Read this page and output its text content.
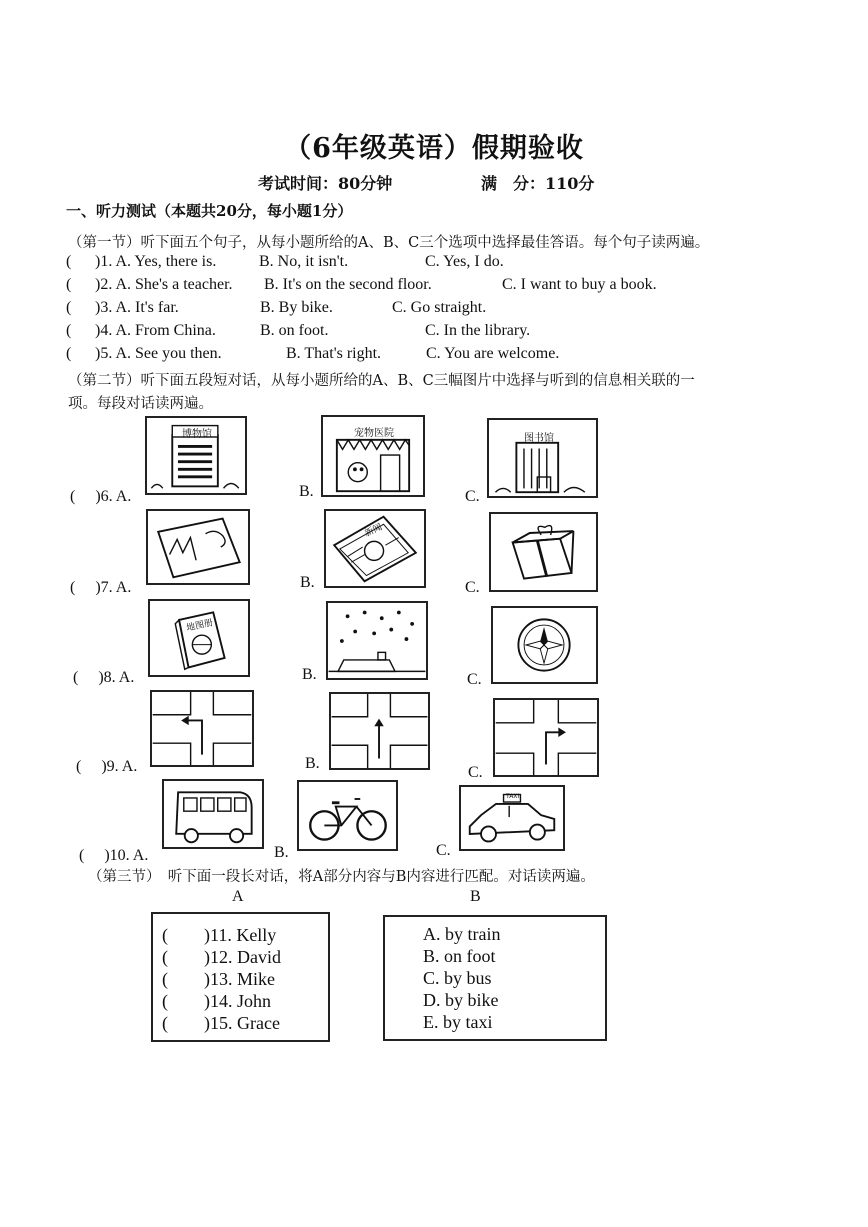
（6年级英语）假期验收
考试时间：80分钟	满　分：110分
一、听力测试（本题共20分，每小题1分）
（第一节）听下面五个句子，从每小题所给的A、B、C三个选项中选择最佳答语。每个句子读两遍。
( )1. A. Yes, there is.	B. No, it isn't.	C. Yes, I do.
( )2. A. She's a teacher. B. It's on the second floor.	C. I want to buy a book.
( )3. A. It's far.	B. By bike.	C. Go straight.
( )4. A. From China.	B. on foot.	C. In the library.
( )5. A. See you then.	B. That's right.	C. You are welcome.
（第二节）听下面五段短对话，从每小题所给的A、B、C三幅图片中选择与听到的信息相关联的一
项。每段对话读两遍。
(　 )6. A.
博物馆
B.
宠物医院
C.
图书馆
(　 )7. A.	B.
新闻
C.
(　 )8. A.
地图册
B.	C.
(　 )9. A.	B.
C.
(　 )10. A.	B.	C.
TAXI
（第三节）　听下面一段长对话，将A部分内容与B内容进行匹配。对话读两遍。
A	B
(　　)11. Kelly
(　　)12. David
(　　)13. Mike
(　　)14. John
(　　)15. Grace
A. by train
B. on foot
C. by bus
D. by bike
E. by taxi
